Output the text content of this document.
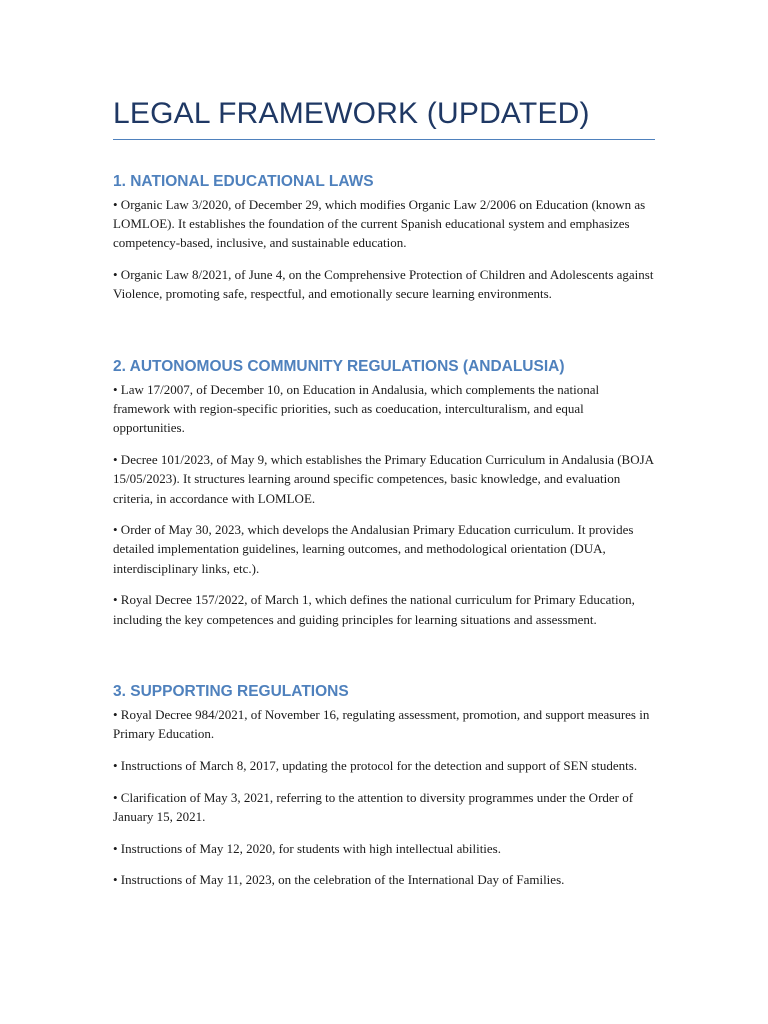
LEGAL FRAMEWORK (UPDATED)
1. NATIONAL EDUCATIONAL LAWS
• Organic Law 3/2020, of December 29, which modifies Organic Law 2/2006 on Education (known as LOMLOE). It establishes the foundation of the current Spanish educational system and emphasizes competency-based, inclusive, and sustainable education.
• Organic Law 8/2021, of June 4, on the Comprehensive Protection of Children and Adolescents against Violence, promoting safe, respectful, and emotionally secure learning environments.
2. AUTONOMOUS COMMUNITY REGULATIONS (ANDALUSIA)
• Law 17/2007, of December 10, on Education in Andalusia, which complements the national framework with region-specific priorities, such as coeducation, interculturalism, and equal opportunities.
• Decree 101/2023, of May 9, which establishes the Primary Education Curriculum in Andalusia (BOJA 15/05/2023). It structures learning around specific competences, basic knowledge, and evaluation criteria, in accordance with LOMLOE.
• Order of May 30, 2023, which develops the Andalusian Primary Education curriculum. It provides detailed implementation guidelines, learning outcomes, and methodological orientation (DUA, interdisciplinary links, etc.).
• Royal Decree 157/2022, of March 1, which defines the national curriculum for Primary Education, including the key competences and guiding principles for learning situations and assessment.
3. SUPPORTING REGULATIONS
• Royal Decree 984/2021, of November 16, regulating assessment, promotion, and support measures in Primary Education.
• Instructions of March 8, 2017, updating the protocol for the detection and support of SEN students.
• Clarification of May 3, 2021, referring to the attention to diversity programmes under the Order of January 15, 2021.
• Instructions of May 12, 2020, for students with high intellectual abilities.
• Instructions of May 11, 2023, on the celebration of the International Day of Families.
